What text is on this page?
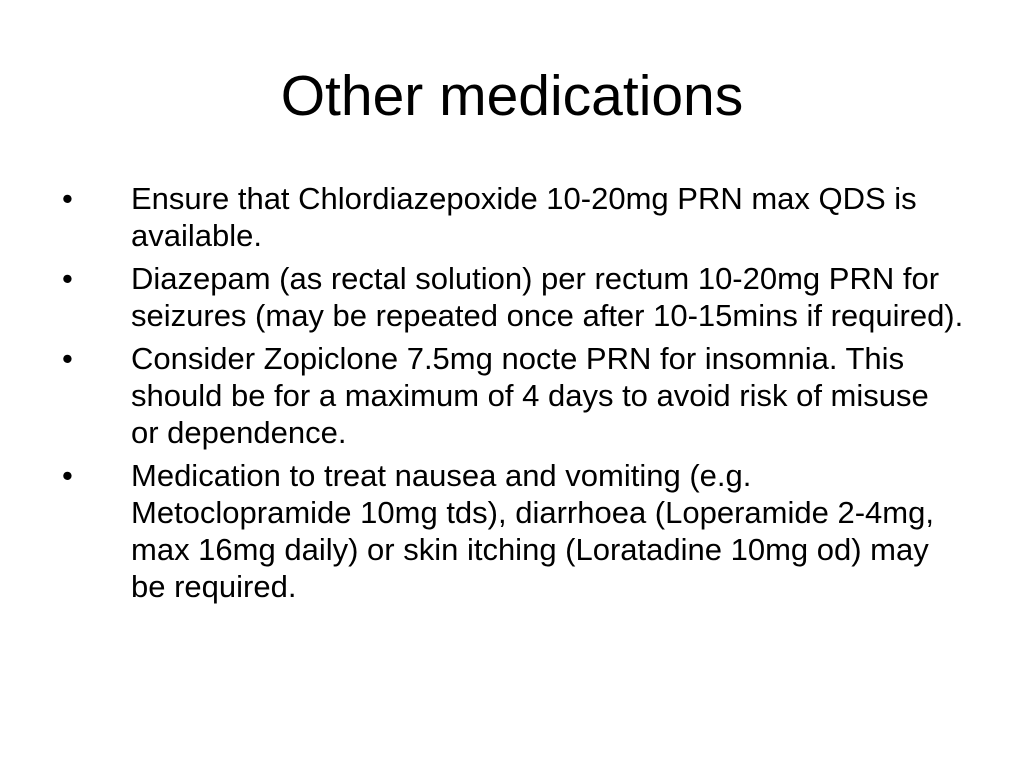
Other medications
• Ensure that Chlordiazepoxide 10-20mg PRN max QDS is available.
• Diazepam (as rectal solution) per rectum 10-20mg PRN for seizures (may be repeated once after 10-15mins if required).
• Consider Zopiclone 7.5mg nocte PRN for insomnia. This should be for a maximum of 4 days to avoid risk of misuse or dependence.
• Medication to treat nausea and vomiting (e.g. Metoclopramide 10mg tds), diarrhoea (Loperamide 2-4mg, max 16mg daily) or skin itching (Loratadine 10mg od) may be required.
